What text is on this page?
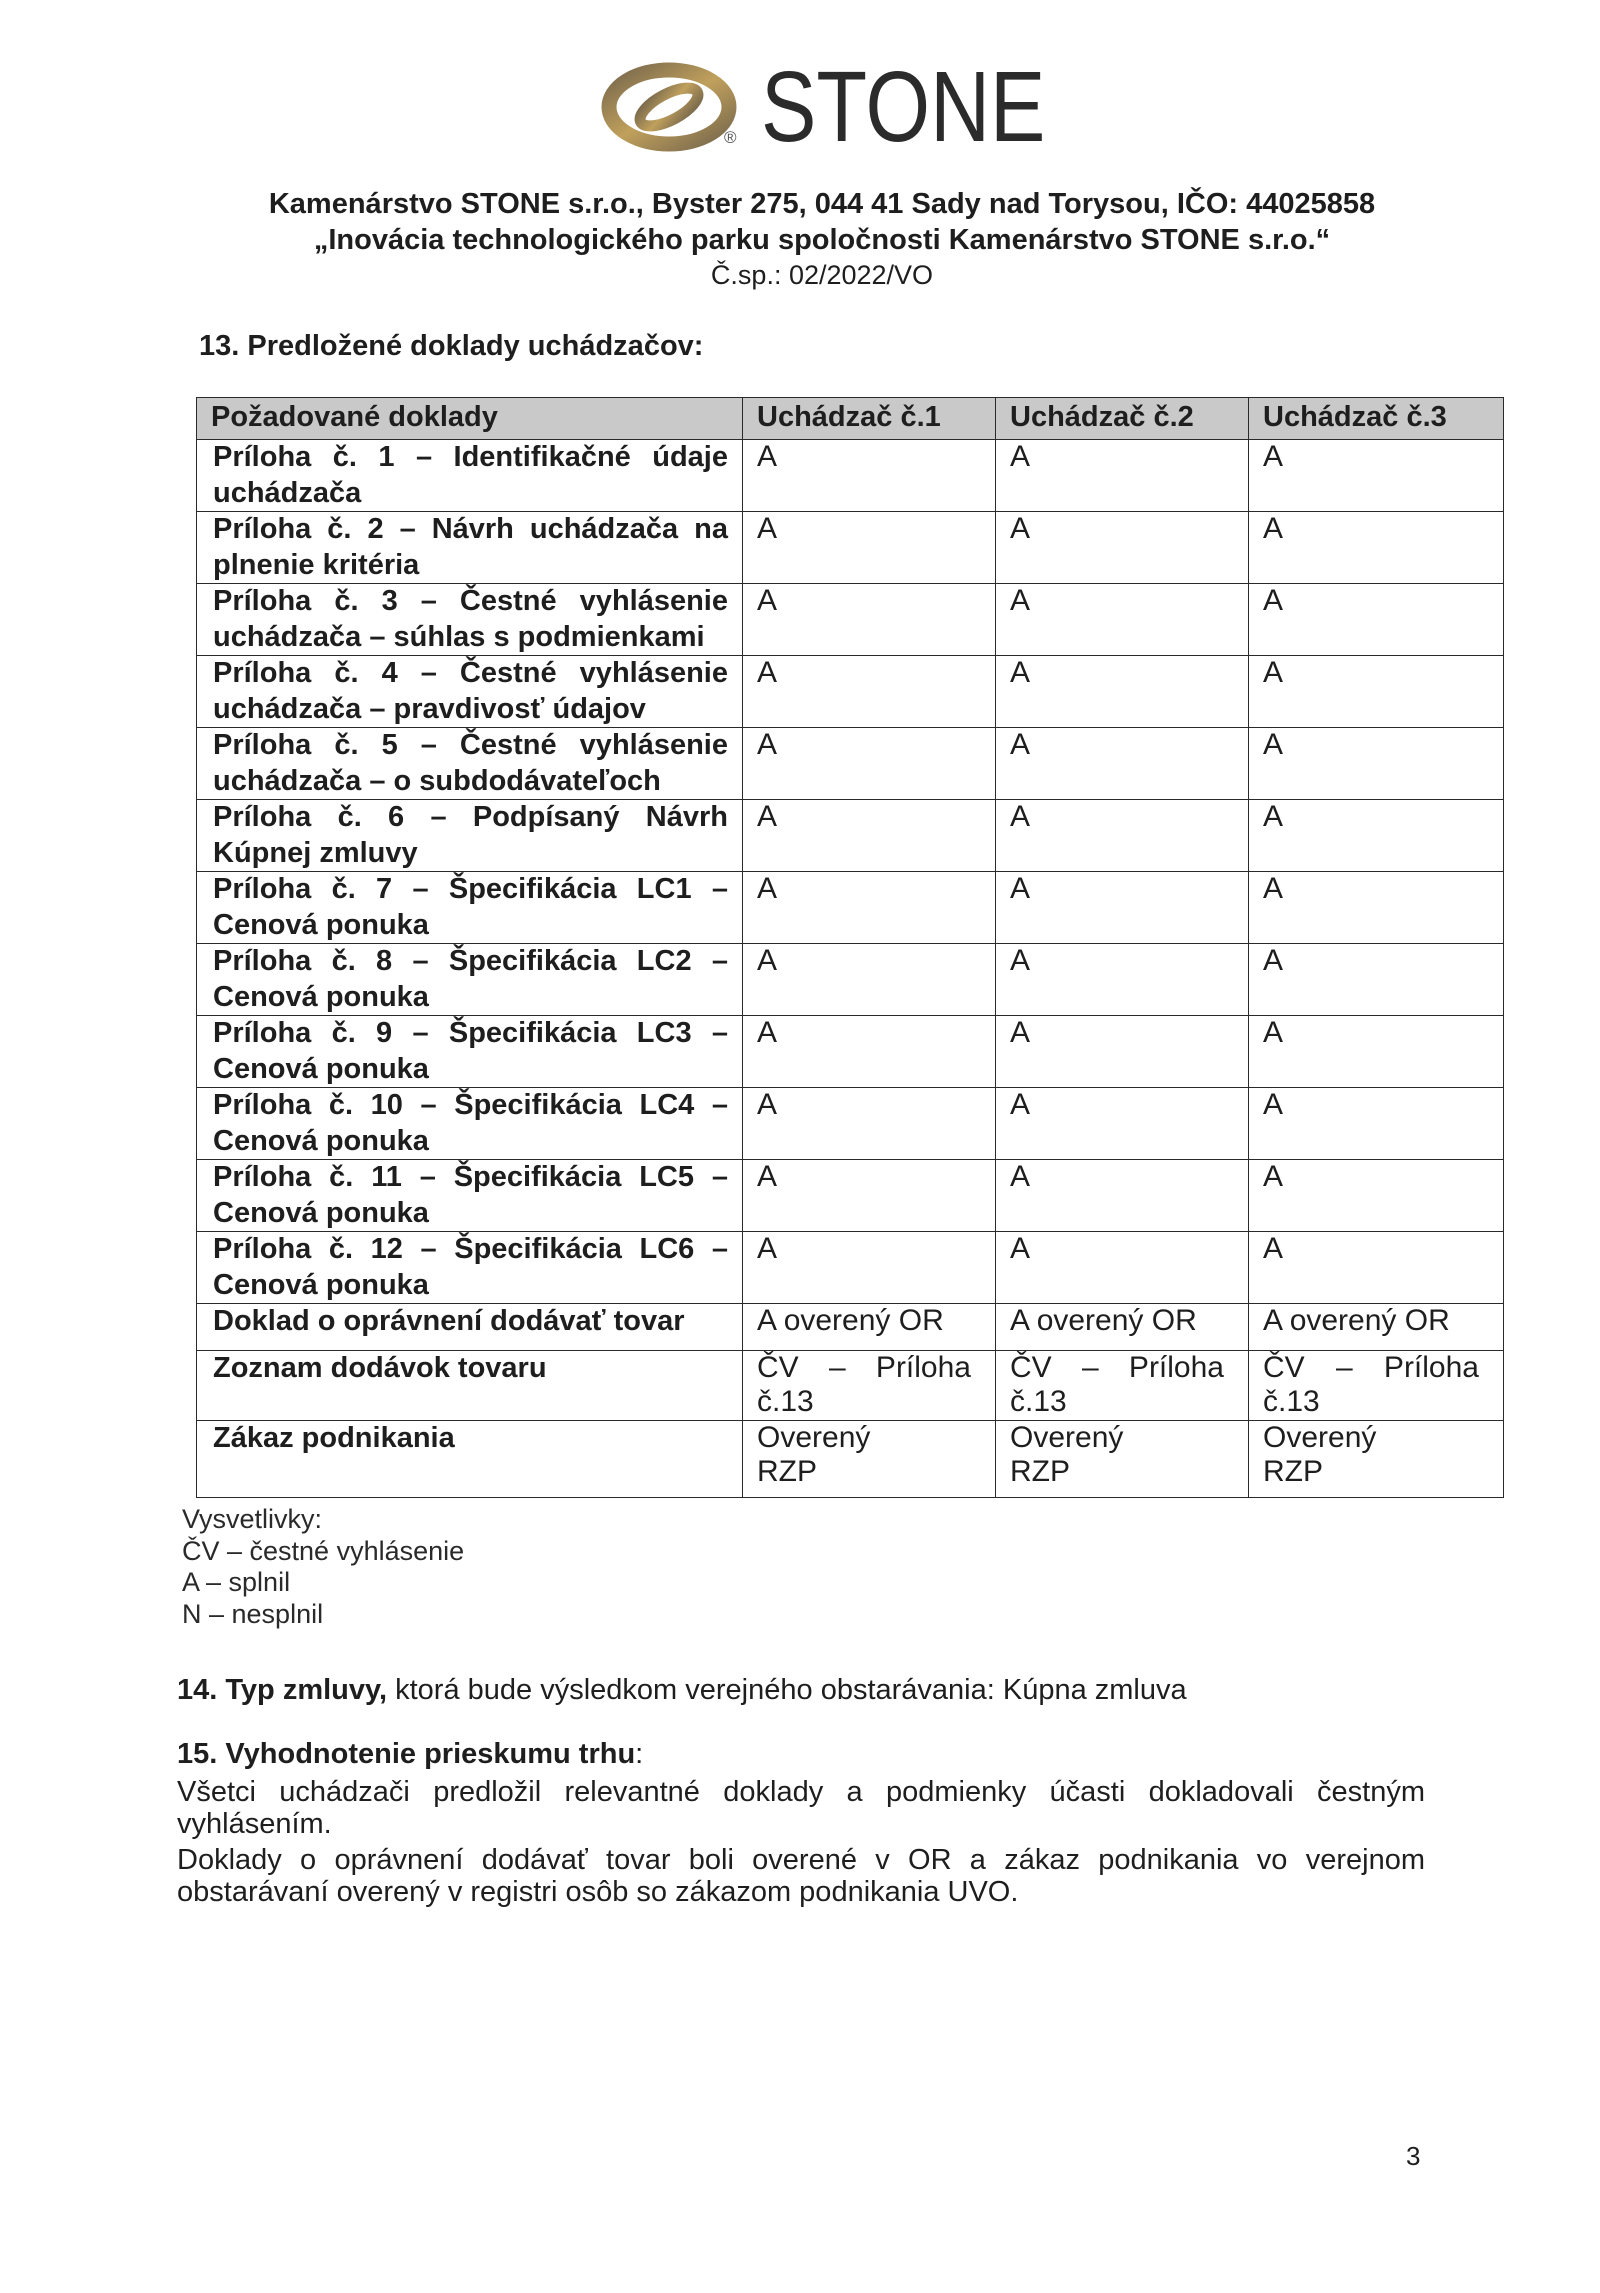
STONE
®
Kamenárstvo STONE s.r.o., Byster 275, 044 41 Sady nad Torysou, IČO: 44025858
„Inovácia technologického parku spoločnosti Kamenárstvo STONE s.r.o.“
Č.sp.: 02/2022/VO
13. Predložené doklady uchádzačov:
Požadované doklady	Uchádzač č.1	Uchádzač č.2	Uchádzač č.3
Príloha č. 1 – Identifikačné údaje uchádzača	A	A	A

Príloha č. 2 – Návrh uchádzača na plnenie kritéria	A	A	A

Príloha č. 3 – Čestné vyhlásenie uchádzača – súhlas s podmienkami	A	A	A

Príloha č. 4 – Čestné vyhlásenie uchádzača – pravdivosť údajov	A	A	A

Príloha č. 5 – Čestné vyhlásenie uchádzača – o subdodávateľoch	A	A	A

Príloha č. 6 – Podpísaný Návrh Kúpnej zmluvy	A	A	A

Príloha č. 7 – Špecifikácia LC1 – Cenová ponuka	A	A	A

Príloha č. 8 – Špecifikácia LC2 – Cenová ponuka	A	A	A

Príloha č. 9 – Špecifikácia LC3 – Cenová ponuka	A	A	A

Príloha č. 10 – Špecifikácia LC4 – Cenová ponuka	A	A	A

Príloha č. 11 – Špecifikácia LC5 – Cenová ponuka	A	A	A

Príloha č. 12 – Špecifikácia LC6 – Cenová ponuka	A	A	A

Doklad o oprávnení dodávať tovar	A overený OR	A overený OR	A overený OR

Zoznam dodávok tovaru	ČV – Príloha č.13	ČV – Príloha č.13	ČV – Príloha č.13

Zákaz podnikania	Overený RZP	Overený RZP	Overený RZP
Vysvetlivky:
ČV – čestné vyhlásenie
A – splnil
N – nesplnil
14. Typ zmluvy, ktorá bude výsledkom verejného obstarávania: Kúpna zmluva
15. Vyhodnotenie prieskumu trhu:

Všetci uchádzači predložil relevantné doklady a podmienky účasti dokladovali čestným vyhlásením.

Doklady o oprávnení dodávať tovar boli overené v OR a zákaz podnikania vo verejnom obstarávaní overený v registri osôb so zákazom podnikania UVO.

3
